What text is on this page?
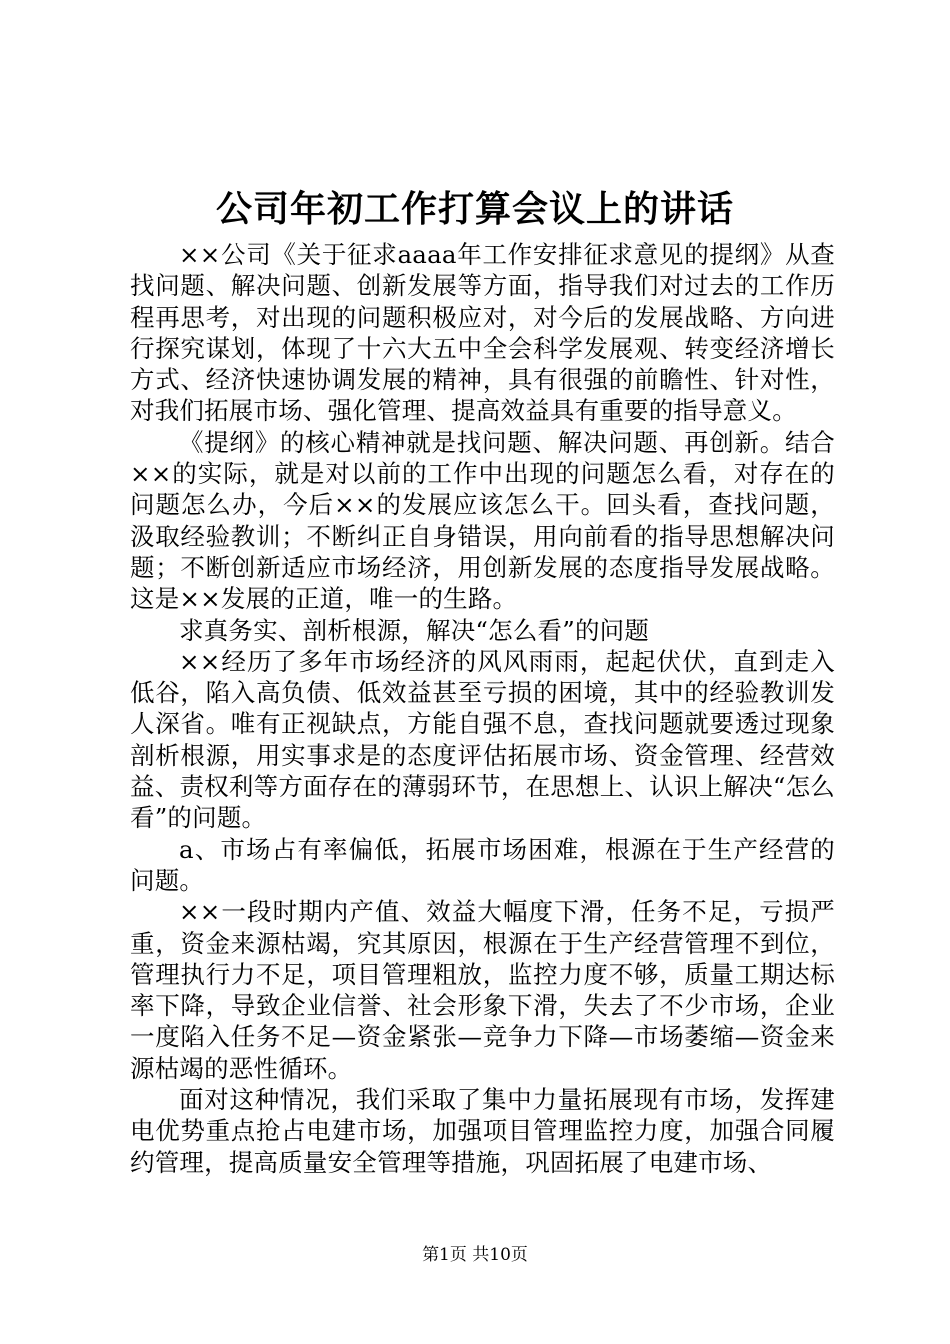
公司年初工作打算会议上的讲话

××公司《关于征求aaaa年工作安排征求意见的提纲》从查找问题、解决问题、创新发展等方面，指导我们对过去的工作历程再思考，对出现的问题积极应对，对今后的发展战略、方向进行探究谋划，体现了十六大五中全会科学发展观、转变经济增长方式、经济快速协调发展的精神，具有很强的前瞻性、针对性，对我们拓展市场、强化管理、提高效益具有重要的指导意义。

《提纲》的核心精神就是找问题、解决问题、再创新。结合××的实际，就是对以前的工作中出现的问题怎么看，对存在的问题怎么办，今后××的发展应该怎么干。回头看，查找问题，汲取经验教训；不断纠正自身错误，用向前看的指导思想解决问题；不断创新适应市场经济，用创新发展的态度指导发展战略。这是××发展的正道，唯一的生路。

求真务实、剖析根源，解决“怎么看”的问题

××经历了多年市场经济的风风雨雨，起起伏伏，直到走入低谷，陷入高负债、低效益甚至亏损的困境，其中的经验教训发人深省。唯有正视缺点，方能自强不息，查找问题就要透过现象剖析根源，用实事求是的态度评估拓展市场、资金管理、经营效益、责权利等方面存在的薄弱环节，在思想上、认识上解决“怎么看”的问题。

a、市场占有率偏低，拓展市场困难，根源在于生产经营的问题。

××一段时期内产值、效益大幅度下滑，任务不足，亏损严重，资金来源枯竭，究其原因，根源在于生产经营管理不到位，管理执行力不足，项目管理粗放，监控力度不够，质量工期达标率下降，导致企业信誉、社会形象下滑，失去了不少市场，企业一度陷入任务不足—资金紧张—竞争力下降—市场萎缩—资金来源枯竭的恶性循环。

面对这种情况，我们采取了集中力量拓展现有市场，发挥建电优势重点抢占电建市场，加强项目管理监控力度，加强合同履约管理，提高质量安全管理等措施，巩固拓展了电建市场、

第1页 共10页
